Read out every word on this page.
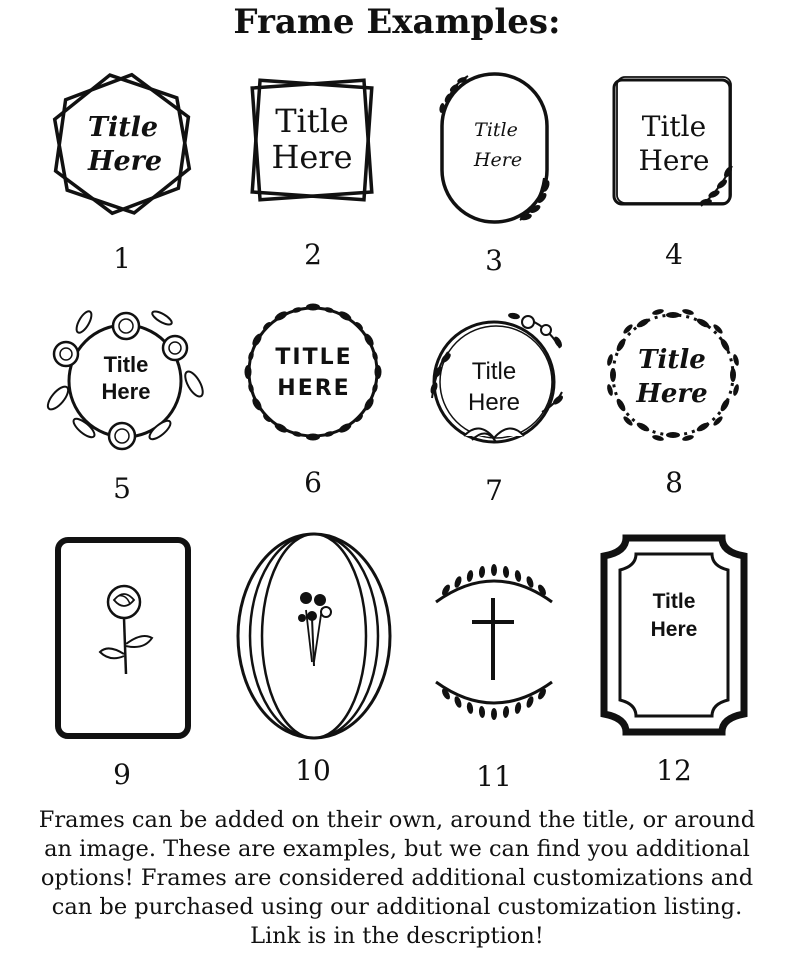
Frame Examples:
Title
Here
1
Title
Here
2
Title
Here
3
Title
Here
4
Title
Here
5
TITLE
HERE
6
Title
Here
7
Title
Here
8
9	10	11
Title
Here
12
Frames can be added on their own, around the title, or around
an image. These are examples, but we can find you additional
options! Frames are considered additional customizations and
can be purchased using our additional customization listing.
Link is in the description!
